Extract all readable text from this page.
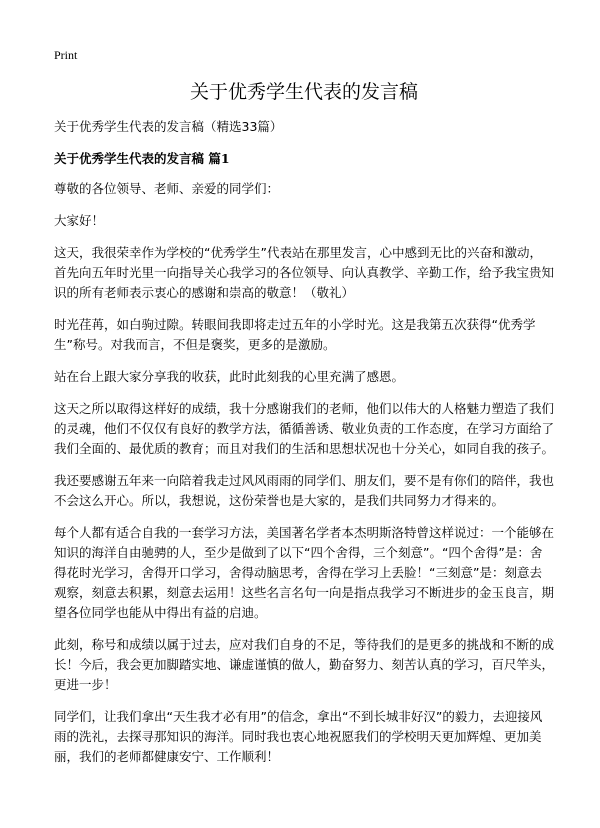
Print
关于优秀学生代表的发言稿
关于优秀学生代表的发言稿（精选33篇）
关于优秀学生代表的发言稿 篇1

尊敬的各位领导、老师、亲爱的同学们：

大家好！

这天，我很荣幸作为学校的“优秀学生”代表站在那里发言，心中感到无比的兴奋和激动，首先向五年时光里一向指导关心我学习的各位领导、向认真教学、辛勤工作，给予我宝贵知识的所有老师表示衷心的感谢和崇高的敬意！（敬礼）

时光荏苒，如白驹过隙。转眼间我即将走过五年的小学时光。这是我第五次获得“优秀学生”称号。对我而言，不但是褒奖，更多的是激励。

站在台上跟大家分享我的收获，此时此刻我的心里充满了感恩。

这天之所以取得这样好的成绩，我十分感谢我们的老师，他们以伟大的人格魅力塑造了我们的灵魂，他们不仅仅有良好的教学方法，循循善诱、敬业负责的工作态度，在学习方面给了我们全面的、最优质的教育；而且对我们的生活和思想状况也十分关心，如同自我的孩子。

我还要感谢五年来一向陪着我走过风风雨雨的同学们、朋友们，要不是有你们的陪伴，我也不会这么开心。所以，我想说，这份荣誉也是大家的，是我们共同努力才得来的。

每个人都有适合自我的一套学习方法，美国著名学者本杰明斯洛特曾这样说过：一个能够在知识的海洋自由驰骋的人，至少是做到了以下“四个舍得，三个刻意”。“四个舍得”是：舍得花时光学习，舍得开口学习，舍得动脑思考，舍得在学习上丢脸！“三刻意”是：刻意去观察，刻意去积累，刻意去运用！这些名言名句一向是指点我学习不断进步的金玉良言，期望各位同学也能从中得出有益的启迪。

此刻，称号和成绩以属于过去，应对我们自身的不足，等待我们的是更多的挑战和不断的成长！今后，我会更加脚踏实地、谦虚谨慎的做人，勤奋努力、刻苦认真的学习，百尺竿头，更进一步！

同学们，让我们拿出“天生我才必有用”的信念，拿出“不到长城非好汉”的毅力，去迎接风雨的洗礼，去探寻那知识的海洋。同时我也衷心地祝愿我们的学校明天更加辉煌、更加美丽，我们的老师都健康安宁、工作顺利！
